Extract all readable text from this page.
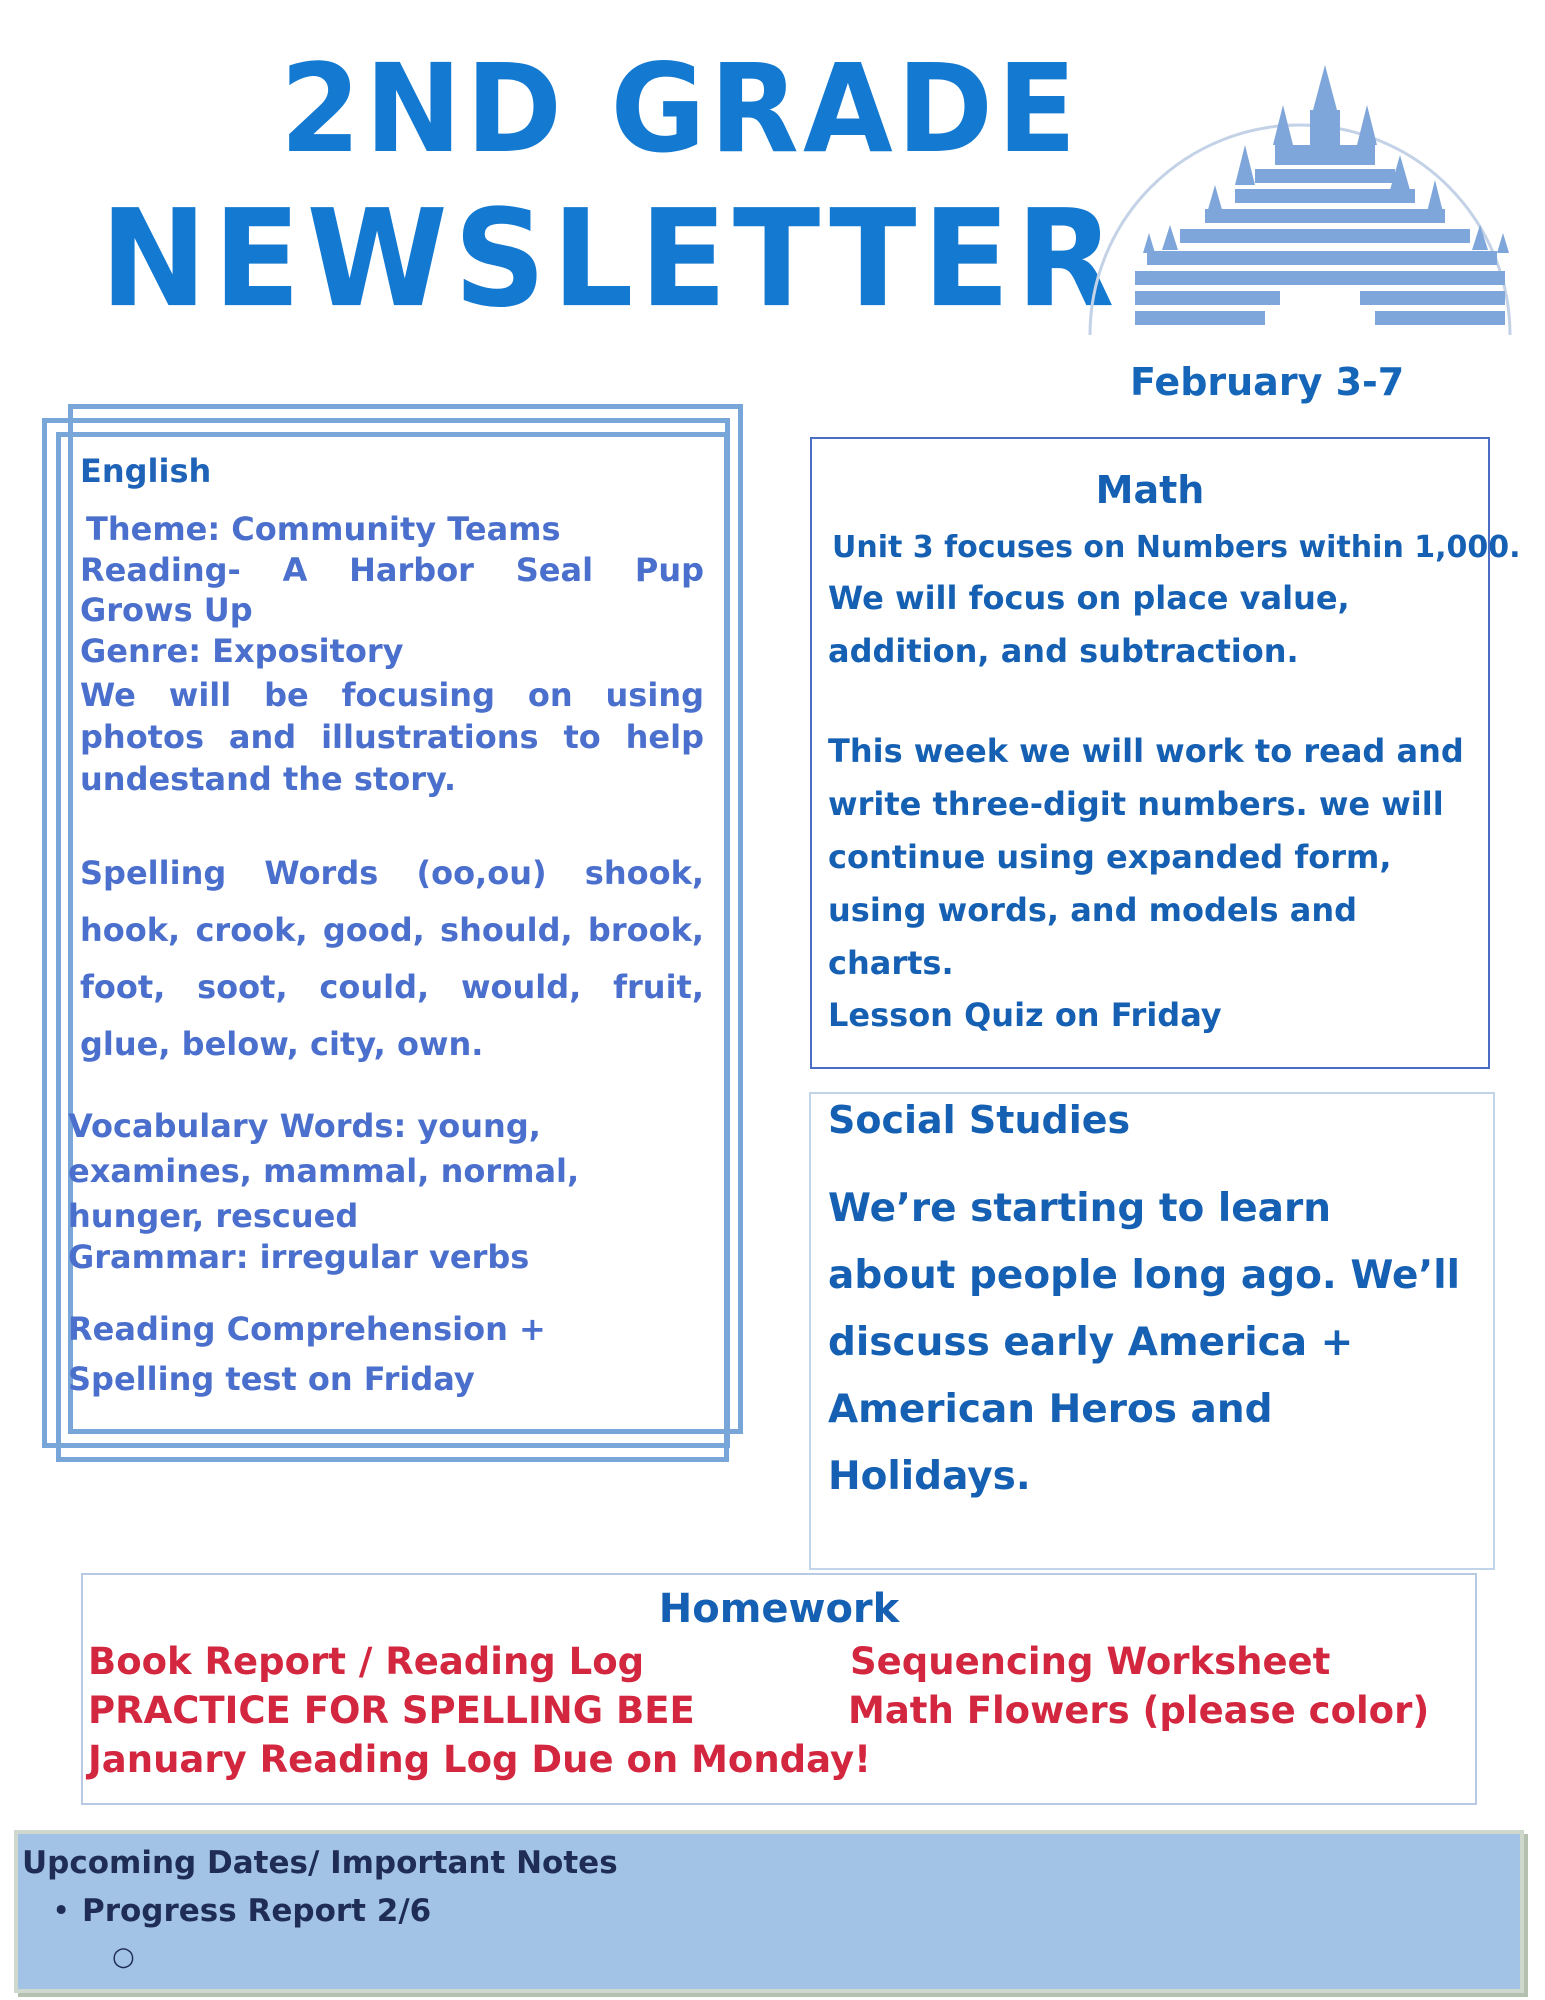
2ND GRADE
NEWSLETTER
February 3-7
English
Theme: Community Teams
Reading- A Harbor Seal Pup Grows Up
Genre: Expository
We will be focusing on using photos and illustrations to help undestand the story.
Spelling Words (oo,ou) shook, hook, crook, good, should, brook, foot, soot, could, would, fruit, glue, below, city, own.
Vocabulary Words: young, examines, mammal, normal, hunger, rescued
Grammar: irregular verbs
Reading Comprehension + Spelling test on Friday
Math
Unit 3 focuses on Numbers within 1,000.
We will focus on place value, addition, and subtraction.
This week we will work to read and write three-digit numbers. we will continue using expanded form, using words, and models and charts.
Lesson Quiz on Friday
Social Studies
We’re starting to learn about people long ago. We’ll discuss early America + American Heros and Holidays.
Homework
Book Report / Reading Log
PRACTICE FOR SPELLING BEE
January Reading Log Due on Monday!
Sequencing Worksheet
Math Flowers (please color)
Upcoming Dates/ Important Notes
• Progress Report 2/6
○
